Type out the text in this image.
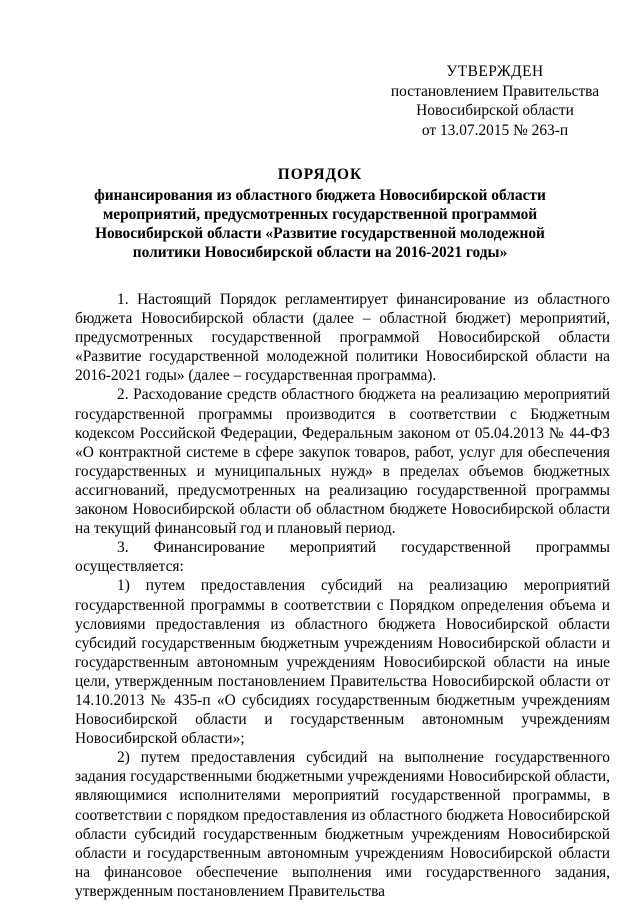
УТВЕРЖДЕН
постановлением Правительства
Новосибирской области
от 13.07.2015 № 263-п
ПОРЯДОК
финансирования из областного бюджета Новосибирской области мероприятий, предусмотренных государственной программой Новосибирской области «Развитие государственной молодежной политики Новосибирской области на 2016-2021 годы»

1. Настоящий Порядок регламентирует финансирование из областного бюджета Новосибирской области (далее – областной бюджет) мероприятий, предусмотренных государственной программой Новосибирской области «Развитие государственной молодежной политики Новосибирской области на 2016-2021 годы» (далее – государственная программа).

2. Расходование средств областного бюджета на реализацию мероприятий государственной программы производится в соответствии с Бюджетным кодексом Российской Федерации, Федеральным законом от 05.04.2013 № 44-ФЗ «О контрактной системе в сфере закупок товаров, работ, услуг для обеспечения государственных и муниципальных нужд» в пределах объемов бюджетных ассигнований, предусмотренных на реализацию государственной программы законом Новосибирской области об областном бюджете Новосибирской области на текущий финансовый год и плановый период.

3. Финансирование мероприятий государственной программы осуществляется:

1) путем предоставления субсидий на реализацию мероприятий государственной программы в соответствии с Порядком определения объема и условиями предоставления из областного бюджета Новосибирской области субсидий государственным бюджетным учреждениям Новосибирской области и государственным автономным учреждениям Новосибирской области на иные цели, утвержденным постановлением Правительства Новосибирской области от 14.10.2013 № 435-п «О субсидиях государственным бюджетным учреждениям Новосибирской области и государственным автономным учреждениям Новосибирской области»;

2) путем предоставления субсидий на выполнение государственного задания государственными бюджетными учреждениями Новосибирской области, являющимися исполнителями мероприятий государственной программы, в соответствии с порядком предоставления из областного бюджета Новосибирской области субсидий государственным бюджетным учреждениям Новосибирской области и государственным автономным учреждениям Новосибирской области на финансовое обеспечение выполнения ими государственного задания, утвержденным постановлением Правительства
